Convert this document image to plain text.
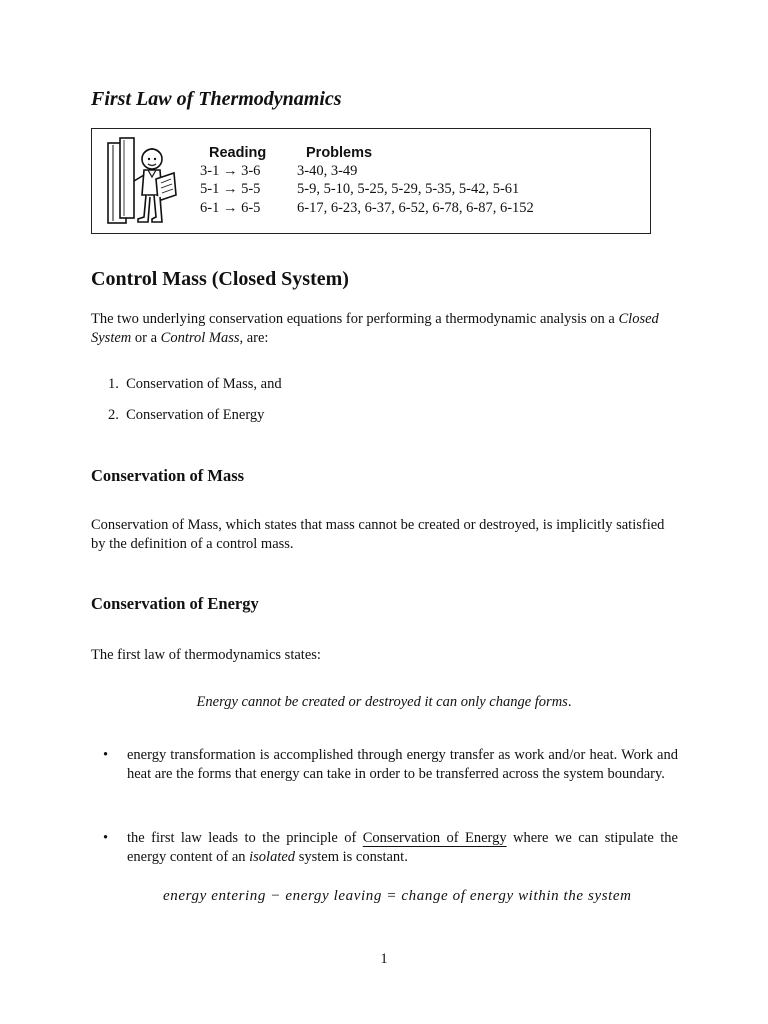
First Law of Thermodynamics
Reading	Problems
3-1 → 3-6	3-40, 3-49
5-1 → 5-5	5-9, 5-10, 5-25, 5-29, 5-35, 5-42, 5-61
6-1 → 6-5	6-17, 6-23, 6-37, 6-52, 6-78, 6-87, 6-152
Control Mass (Closed System)

The two underlying conservation equations for performing a thermodynamic analysis on a Closed System or a Control Mass, are:

1. Conservation of Mass, and

2. Conservation of Energy

Conservation of Mass

Conservation of Mass, which states that mass cannot be created or destroyed, is implicitly satisfied by the definition of a control mass.

Conservation of Energy

The first law of thermodynamics states:

Energy cannot be created or destroyed it can only change forms.

• energy transformation is accomplished through energy transfer as work and/or heat. Work and heat are the forms that energy can take in order to be transferred across the system boundary.
• the first law leads to the principle of Conservation of Energy where we can stipulate the energy content of an isolated system is constant.

energy entering − energy leaving = change of energy within the system

1
